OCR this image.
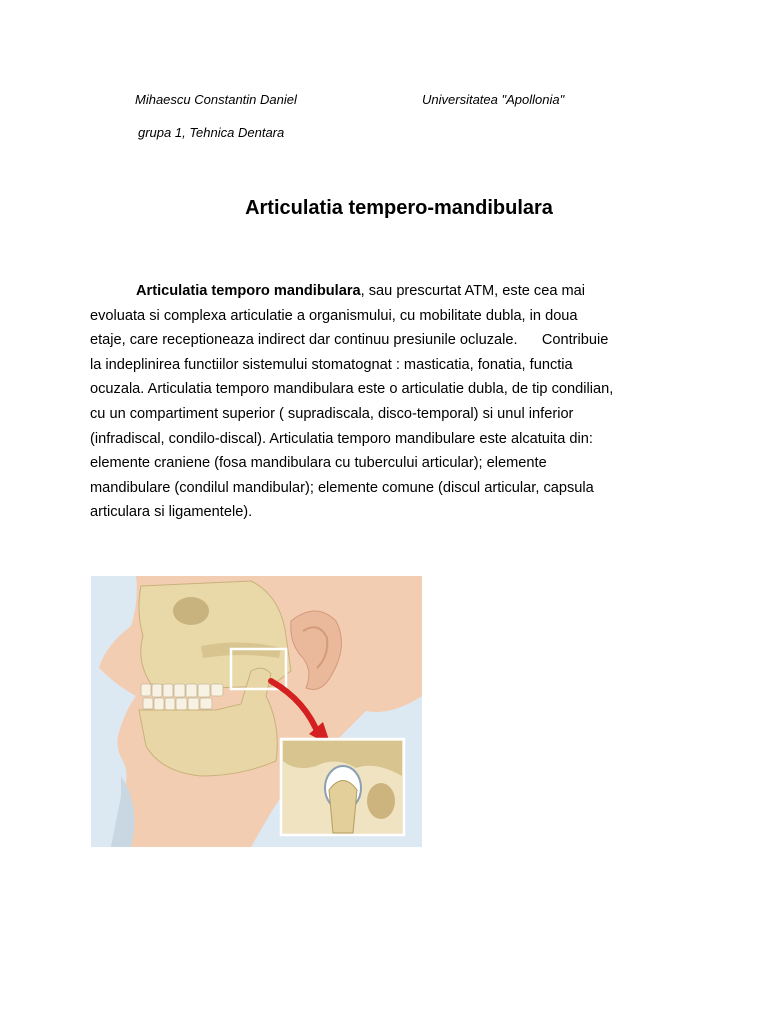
Mihaescu Constantin Daniel	Universitatea "Apollonia"
grupa 1, Tehnica Dentara
Articulatia tempero-mandibulara
Articulatia temporo mandibulara, sau prescurtat ATM, este cea mai
evoluata si complexa articulatie a organismului, cu mobilitate dubla, in doua
etaje, care receptioneaza indirect dar continuu presiunile ocluzale.      Contribuie
la indeplinirea functiilor sistemului stomatognat : masticatia, fonatia, functia
ocuzala. Articulatia temporo mandibulara este o articulatie dubla, de tip condilian,
cu un compartiment superior ( supradiscala, disco-temporal) si unul inferior
(infradiscal, condilo-discal). Articulatia temporo mandibulare este alcatuita din:
elemente craniene (fosa mandibulara cu tubercului articular); elemente
mandibulare (condilul mandibular); elemente comune (discul articular, capsula
articulara si ligamentele).
